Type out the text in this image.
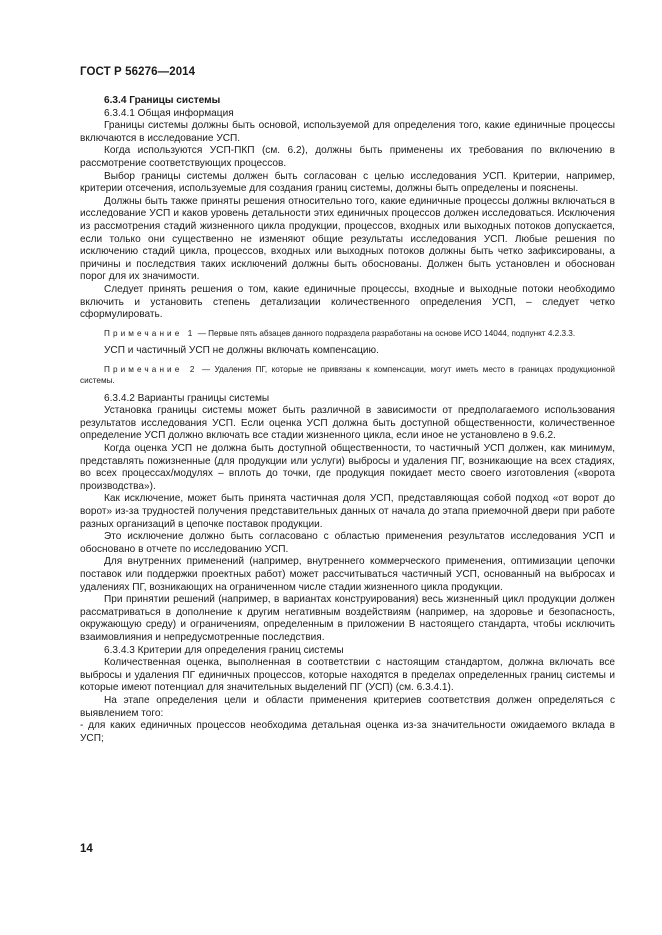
ГОСТ Р 56276—2014

6.3.4 Границы системы

6.3.4.1 Общая информация

Границы системы должны быть основой, используемой для определения того, какие единичные процессы включаются в исследование УСП.

Когда используются УСП-ПКП (см. 6.2), должны быть применены их требования по включению в рассмотрение соответствующих процессов.

Выбор границы системы должен быть согласован с целью исследования УСП. Критерии, например, критерии отсечения, используемые для создания границ системы, должны быть определены и пояснены.

Должны быть также приняты решения относительно того, какие единичные процессы должны включаться в исследование УСП и каков уровень детальности этих единичных процессов должен исследоваться. Исключения из рассмотрения стадий жизненного цикла продукции, процессов, входных или выходных потоков допускается, если только они существенно не изменяют общие результаты исследования УСП. Любые решения по исключению стадий цикла, процессов, входных или выходных потоков должны быть четко зафиксированы, а причины и последствия таких исключений должны быть обоснованы. Должен быть установлен и обоснован порог для их значимости.

Следует принять решения о том, какие единичные процессы, входные и выходные потоки необходимо включить и установить степень детализации количественного определения УСП, – следует четко сформулировать.

Примечание 1 — Первые пять абзацев данного подраздела разработаны на основе ИСО 14044, подпункт 4.2.3.3.

УСП и частичный УСП не должны включать компенсацию.

Примечание 2 — Удаления ПГ, которые не привязаны к компенсации, могут иметь место в границах продукционной системы.

6.3.4.2 Варианты границы системы

Установка границы системы может быть различной в зависимости от предполагаемого использования результатов исследования УСП. Если оценка УСП должна быть доступной общественности, количественное определение УСП должно включать все стадии жизненного цикла, если иное не установлено в 9.6.2.

Когда оценка УСП не должна быть доступной общественности, то частичный УСП должен, как минимум, представлять пожизненные (для продукции или услуги) выбросы и удаления ПГ, возникающие на всех стадиях, во всех процессах/модулях – вплоть до точки, где продукция покидает место своего изготовления («ворота производства»).

Как исключение, может быть принята частичная доля УСП, представляющая собой подход «от ворот до ворот» из-за трудностей получения представительных данных от начала до этапа приемочной двери при работе разных организаций в цепочке поставок продукции.

Это исключение должно быть согласовано с областью применения результатов исследования УСП и обосновано в отчете по исследованию УСП.

Для внутренних применений (например, внутреннего коммерческого применения, оптимизации цепочки поставок или поддержки проектных работ) может рассчитываться частичный УСП, основанный на выбросах и удалениях ПГ, возникающих на ограниченном числе стадии жизненного цикла продукции.

При принятии решений (например, в вариантах конструирования) весь жизненный цикл продукции должен рассматриваться в дополнение к другим негативным воздействиям (например, на здоровье и безопасность, окружающую среду) и ограничениям, определенным в приложении В настоящего стандарта, чтобы исключить взаимовлияния и непредусмотренные последствия.

6.3.4.3 Критерии для определения границ системы

Количественная оценка, выполненная в соответствии с настоящим стандартом, должна включать все выбросы и удаления ПГ единичных процессов, которые находятся в пределах определенных границ системы и которые имеют потенциал для значительных выделений ПГ (УСП) (см. 6.3.4.1).

На этапе определения цели и области применения критериев соответствия должен определяться с выявлением того:

- для каких единичных процессов необходима детальная оценка из-за значительности ожидаемого вклада в УСП;

14
